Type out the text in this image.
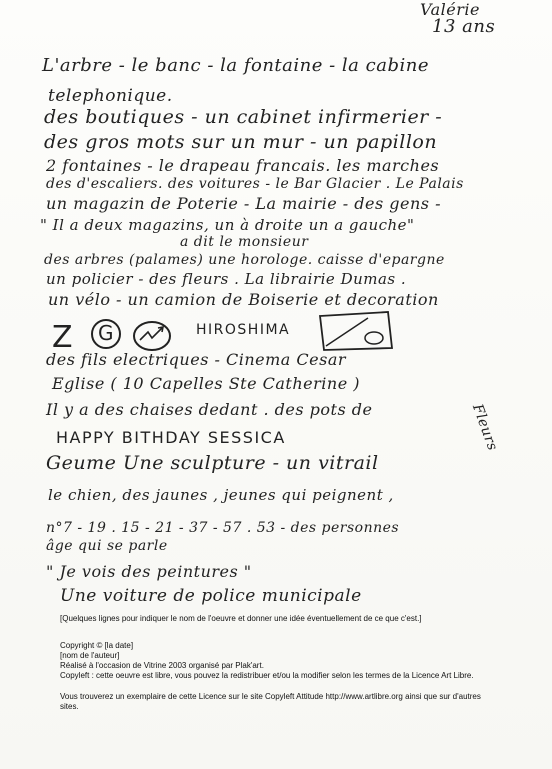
Valérie
13 ans
L'arbre - le banc - la fontaine - la cabine
telephonique.
des boutiques - un cabinet infirmerier -
des gros mots sur un mur - un papillon
2 fontaines - le drapeau francais. les marches
des d'escaliers. des voitures - le Bar Glacier . Le Palais
un magazin de Poterie - La mairie - des gens -
" Il a deux magazins, un à droite un a gauche"
a dit le monsieur
des arbres (palames) une horologe. caisse d'epargne
un policier - des fleurs . La librairie Dumas .
un vélo - un camion de Boiserie et decoration
Z G	HIROSHIMA
des fils electriques - Cinema Cesar
Eglise ( 10 Capelles Ste Catherine )
Il y a des chaises dedant . des pots de	Fleurs
HAPPY BITHDAY SESSICA
Geume Une sculpture - un vitrail
le chien, des jaunes , jeunes qui peignent ,
n°7 - 19 . 15 - 21 - 37 - 57 . 53 - des personnes
âge qui se parle
" Je vois des peintures "
Une voiture de police municipale
[Quelques lignes pour indiquer le nom de l'oeuvre et donner une idée éventuellement de ce que c'est.]
Copyright © [la date]
[nom de l'auteur]
Réalisé à l'occasion de Vitrine 2003 organisé par Plak'art.
Copyleft : cette oeuvre est libre, vous pouvez la redistribuer et/ou la modifier selon les termes de la Licence Art Libre.
Vous trouverez un exemplaire de cette Licence sur le site Copyleft Attitude http://www.artlibre.org ainsi que sur d'autres sites.
